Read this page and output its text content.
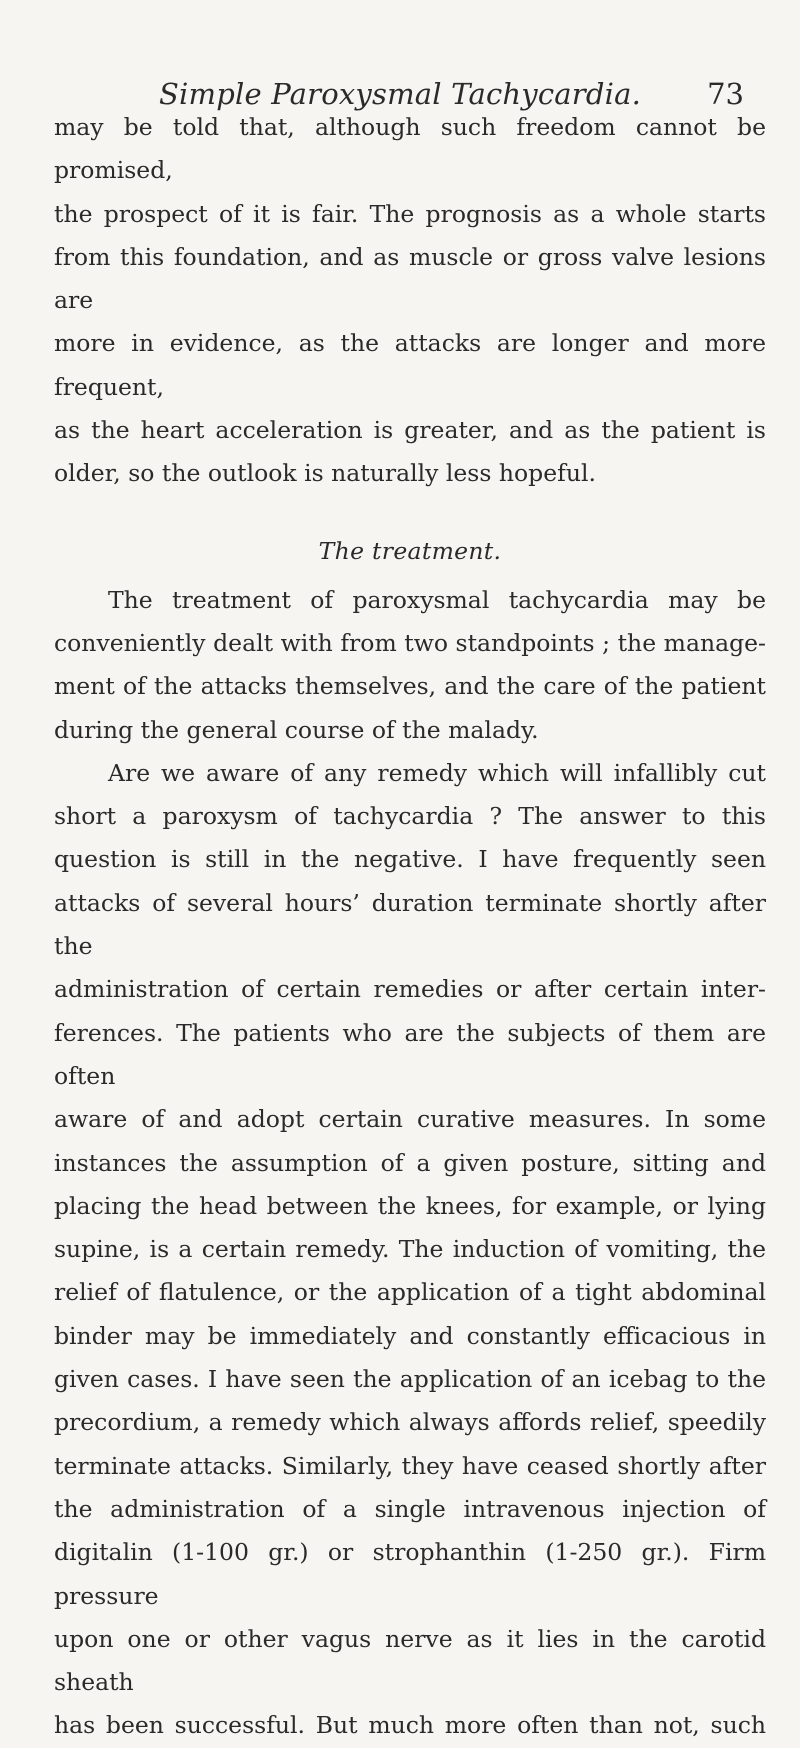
Simple Paroxysmal Tachycardia.	73

may be told that, although such freedom cannot be promised,
the prospect of it is fair. The prognosis as a whole starts
from this foundation, and as muscle or gross valve lesions are
more in evidence, as the attacks are longer and more frequent,
as the heart acceleration is greater, and as the patient is
older, so the outlook is naturally less hopeful.

The treatment.

The treatment of paroxysmal tachycardia may be
conveniently dealt with from two standpoints ; the manage-
ment of the attacks themselves, and the care of the patient
during the general course of the malady.

Are we aware of any remedy which will infallibly cut
short a paroxysm of tachycardia ? The answer to this
question is still in the negative. I have frequently seen
attacks of several hours’ duration terminate shortly after the
administration of certain remedies or after certain inter-
ferences. The patients who are the subjects of them are often
aware of and adopt certain curative measures. In some
instances the assumption of a given posture, sitting and
placing the head between the knees, for example, or lying
supine, is a certain remedy. The induction of vomiting, the
relief of flatulence, or the application of a tight abdominal
binder may be immediately and constantly efficacious in
given cases. I have seen the application of an icebag to the
precordium, a remedy which always affords relief, speedily
terminate attacks. Similarly, they have ceased shortly after
the administration of a single intravenous injection of
digitalin (1-100 gr.) or strophanthin (1-250 gr.). Firm pressure
upon one or other vagus nerve as it lies in the carotid sheath
has been successful. But much more often than not, such
